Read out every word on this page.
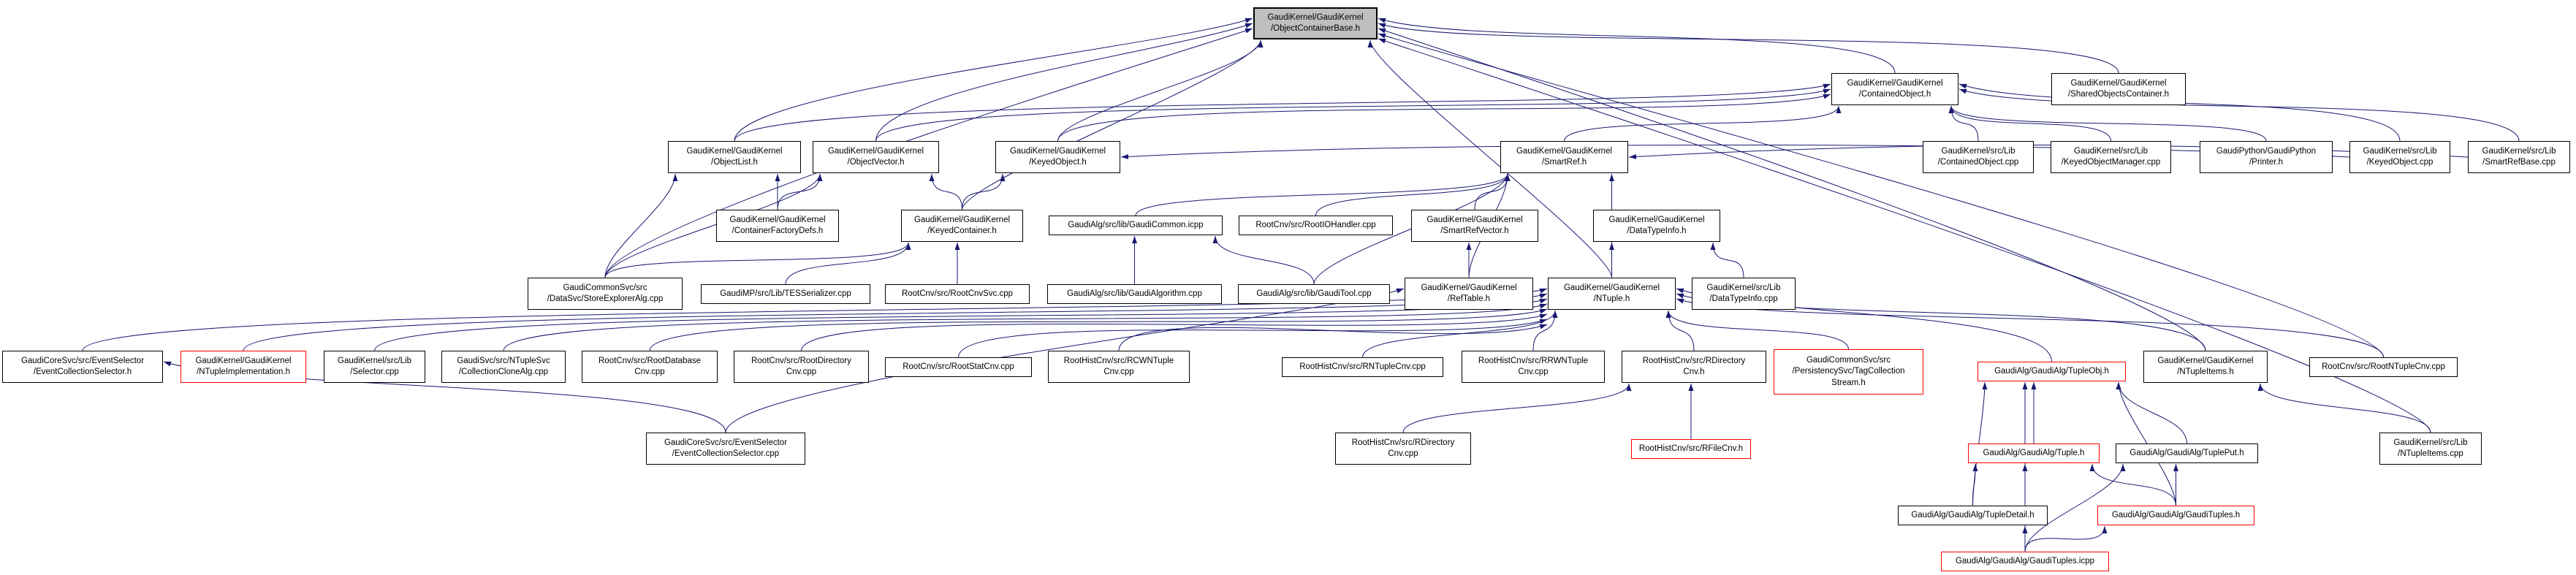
GaudiKernel/GaudiKernel
/ObjectContainerBase.h
GaudiKernel/GaudiKernel
/ContainedObject.h
GaudiKernel/GaudiKernel
/SharedObjectsContainer.h
GaudiKernel/GaudiKernel
/ObjectList.h
GaudiKernel/GaudiKernel
/ObjectVector.h
GaudiKernel/GaudiKernel
/KeyedObject.h
GaudiKernel/GaudiKernel
/SmartRef.h
GaudiKernel/src/Lib
/ContainedObject.cpp
GaudiKernel/src/Lib
/KeyedObjectManager.cpp
GaudiPython/GaudiPython
/Printer.h
GaudiKernel/src/Lib
/KeyedObject.cpp
GaudiKernel/src/Lib
/SmartRefBase.cpp
GaudiKernel/GaudiKernel
/ContainerFactoryDefs.h
GaudiKernel/GaudiKernel
/KeyedContainer.h
GaudiAlg/src/lib/GaudiCommon.icpp	RootCnv/src/RootIOHandler.cpp
GaudiKernel/GaudiKernel
/SmartRefVector.h
GaudiKernel/GaudiKernel
/DataTypeInfo.h
GaudiCommonSvc/src
/DataSvc/StoreExplorerAlg.cpp
GaudiMP/src/Lib/TESSerializer.cpp	RootCnv/src/RootCnvSvc.cpp	GaudiAlg/src/lib/GaudiAlgorithm.cpp	GaudiAlg/src/lib/GaudiTool.cpp
GaudiKernel/GaudiKernel
/RefTable.h
GaudiKernel/GaudiKernel
/NTuple.h
GaudiKernel/src/Lib
/DataTypeInfo.cpp
GaudiCoreSvc/src/EventSelector
/EventCollectionSelector.h
GaudiKernel/GaudiKernel
/NTupleImplementation.h
GaudiKernel/src/Lib
/Selector.cpp
GaudiSvc/src/NTupleSvc
/CollectionCloneAlg.cpp
RootCnv/src/RootDatabase
Cnv.cpp
RootCnv/src/RootDirectory
Cnv.cpp
RootCnv/src/RootStatCnv.cpp
RootHistCnv/src/RCWNTuple
Cnv.cpp
RootHistCnv/src/RNTupleCnv.cpp
RootHistCnv/src/RRWNTuple
Cnv.cpp
RootHistCnv/src/RDirectory
Cnv.h
GaudiCommonSvc/src
/PersistencySvc/TagCollection
Stream.h
GaudiAlg/GaudiAlg/TupleObj.h
GaudiKernel/GaudiKernel
/NTupleItems.h
RootCnv/src/RootNTupleCnv.cpp
GaudiCoreSvc/src/EventSelector
/EventCollectionSelector.cpp
RootHistCnv/src/RDirectory
Cnv.cpp
RootHistCnv/src/RFileCnv.h	GaudiAlg/GaudiAlg/Tuple.h	GaudiAlg/GaudiAlg/TuplePut.h
GaudiKernel/src/Lib
/NTupleItems.cpp
GaudiAlg/GaudiAlg/TupleDetail.h	GaudiAlg/GaudiAlg/GaudiTuples.h
GaudiAlg/GaudiAlg/GaudiTuples.icpp
